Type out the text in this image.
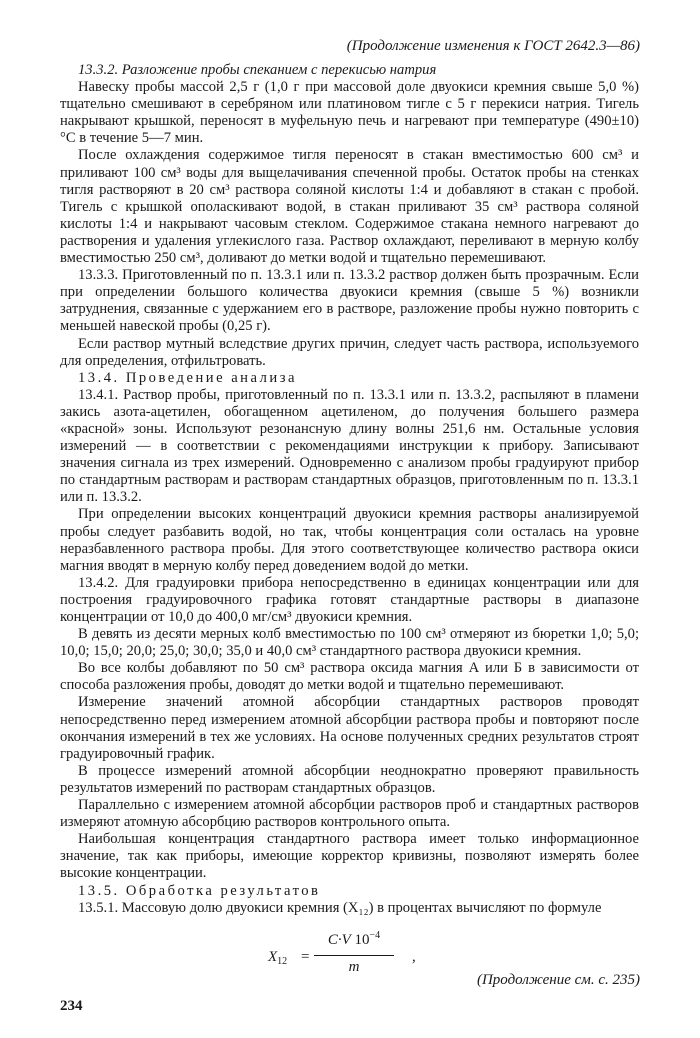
(Продолжение изменения к ГОСТ 2642.3—86)

13.3.2. Разложение пробы спеканием с перекисью натрия

Навеску пробы массой 2,5 г (1,0 г при массовой доле двуокиси кремния свыше 5,0 %) тщательно смешивают в серебряном или платиновом тигле с 5 г перекиси натрия. Тигель накрывают крышкой, переносят в муфельную печь и нагревают при температуре (490±10) °С в течение 5—7 мин.

После охлаждения содержимое тигля переносят в стакан вместимостью 600 см³ и приливают 100 см³ воды для выщелачивания спеченной пробы. Остаток пробы на стенках тигля растворяют в 20 см³ раствора соляной кислоты 1:4 и добавляют в стакан с пробой. Тигель с крышкой ополаскивают водой, в стакан приливают 35 см³ раствора соляной кислоты 1:4 и накрывают часовым стеклом. Содержимое стакана немного нагревают до растворения и удаления углекислого газа. Раствор охлаждают, переливают в мерную колбу вместимостью 250 см³, доливают до метки водой и тщательно перемешивают.

13.3.3. Приготовленный по п. 13.3.1 или п. 13.3.2 раствор должен быть прозрачным. Если при определении большого количества двуокиси кремния (свыше 5 %) возникли затруднения, связанные с удержанием его в растворе, разложение пробы нужно повторить с меньшей навеской пробы (0,25 г).

Если раствор мутный вследствие других причин, следует часть раствора, используемого для определения, отфильтровать.

13.4. Проведение анализа

13.4.1. Раствор пробы, приготовленный по п. 13.3.1 или п. 13.3.2, распыляют в пламени закись азота-ацетилен, обогащенном ацетиленом, до получения большего размера «красной» зоны. Используют резонансную длину волны 251,6 нм. Остальные условия измерений — в соответствии с рекомендациями инструкции к прибору. Записывают значения сигнала из трех измерений. Одновременно с анализом пробы градуируют прибор по стандартным растворам и растворам стандартных образцов, приготовленным по п. 13.3.1 или п. 13.3.2.

При определении высоких концентраций двуокиси кремния растворы анализируемой пробы следует разбавить водой, но так, чтобы концентрация соли осталась на уровне неразбавленного раствора пробы. Для этого соответствующее количество раствора окиси магния вводят в мерную колбу перед доведением водой до метки.

13.4.2. Для градуировки прибора непосредственно в единицах концентрации или для построения градуировочного графика готовят стандартные растворы в диапазоне концентрации от 10,0 до 400,0 мг/см³ двуокиси кремния.

В девять из десяти мерных колб вместимостью по 100 см³ отмеряют из бюретки 1,0; 5,0; 10,0; 15,0; 20,0; 25,0; 30,0; 35,0 и 40,0 см³ стандартного раствора двуокиси кремния.

Во все колбы добавляют по 50 см³ раствора оксида магния А или Б в зависимости от способа разложения пробы, доводят до метки водой и тщательно перемешивают.

Измерение значений атомной абсорбции стандартных растворов проводят непосредственно перед измерением атомной абсорбции раствора пробы и повторяют после окончания измерений в тех же условиях. На основе полученных средних результатов строят градуировочный график.

В процессе измерений атомной абсорбции неоднократно проверяют правильность результатов измерений по растворам стандартных образцов.

Параллельно с измерением атомной абсорбции растворов проб и стандартных растворов измеряют атомную абсорбцию растворов контрольного опыта.

Наибольшая концентрация стандартного раствора имеет только информационное значение, так как приборы, имеющие корректор кривизны, позволяют измерять более высокие концентрации.

13.5. Обработка результатов

13.5.1. Массовую долю двуокиси кремния (X₁₂) в процентах вычисляют по формуле

$X_{12}$ =
C·V $10^{-4}$
m
,
(Продолжение см. с. 235)
234
